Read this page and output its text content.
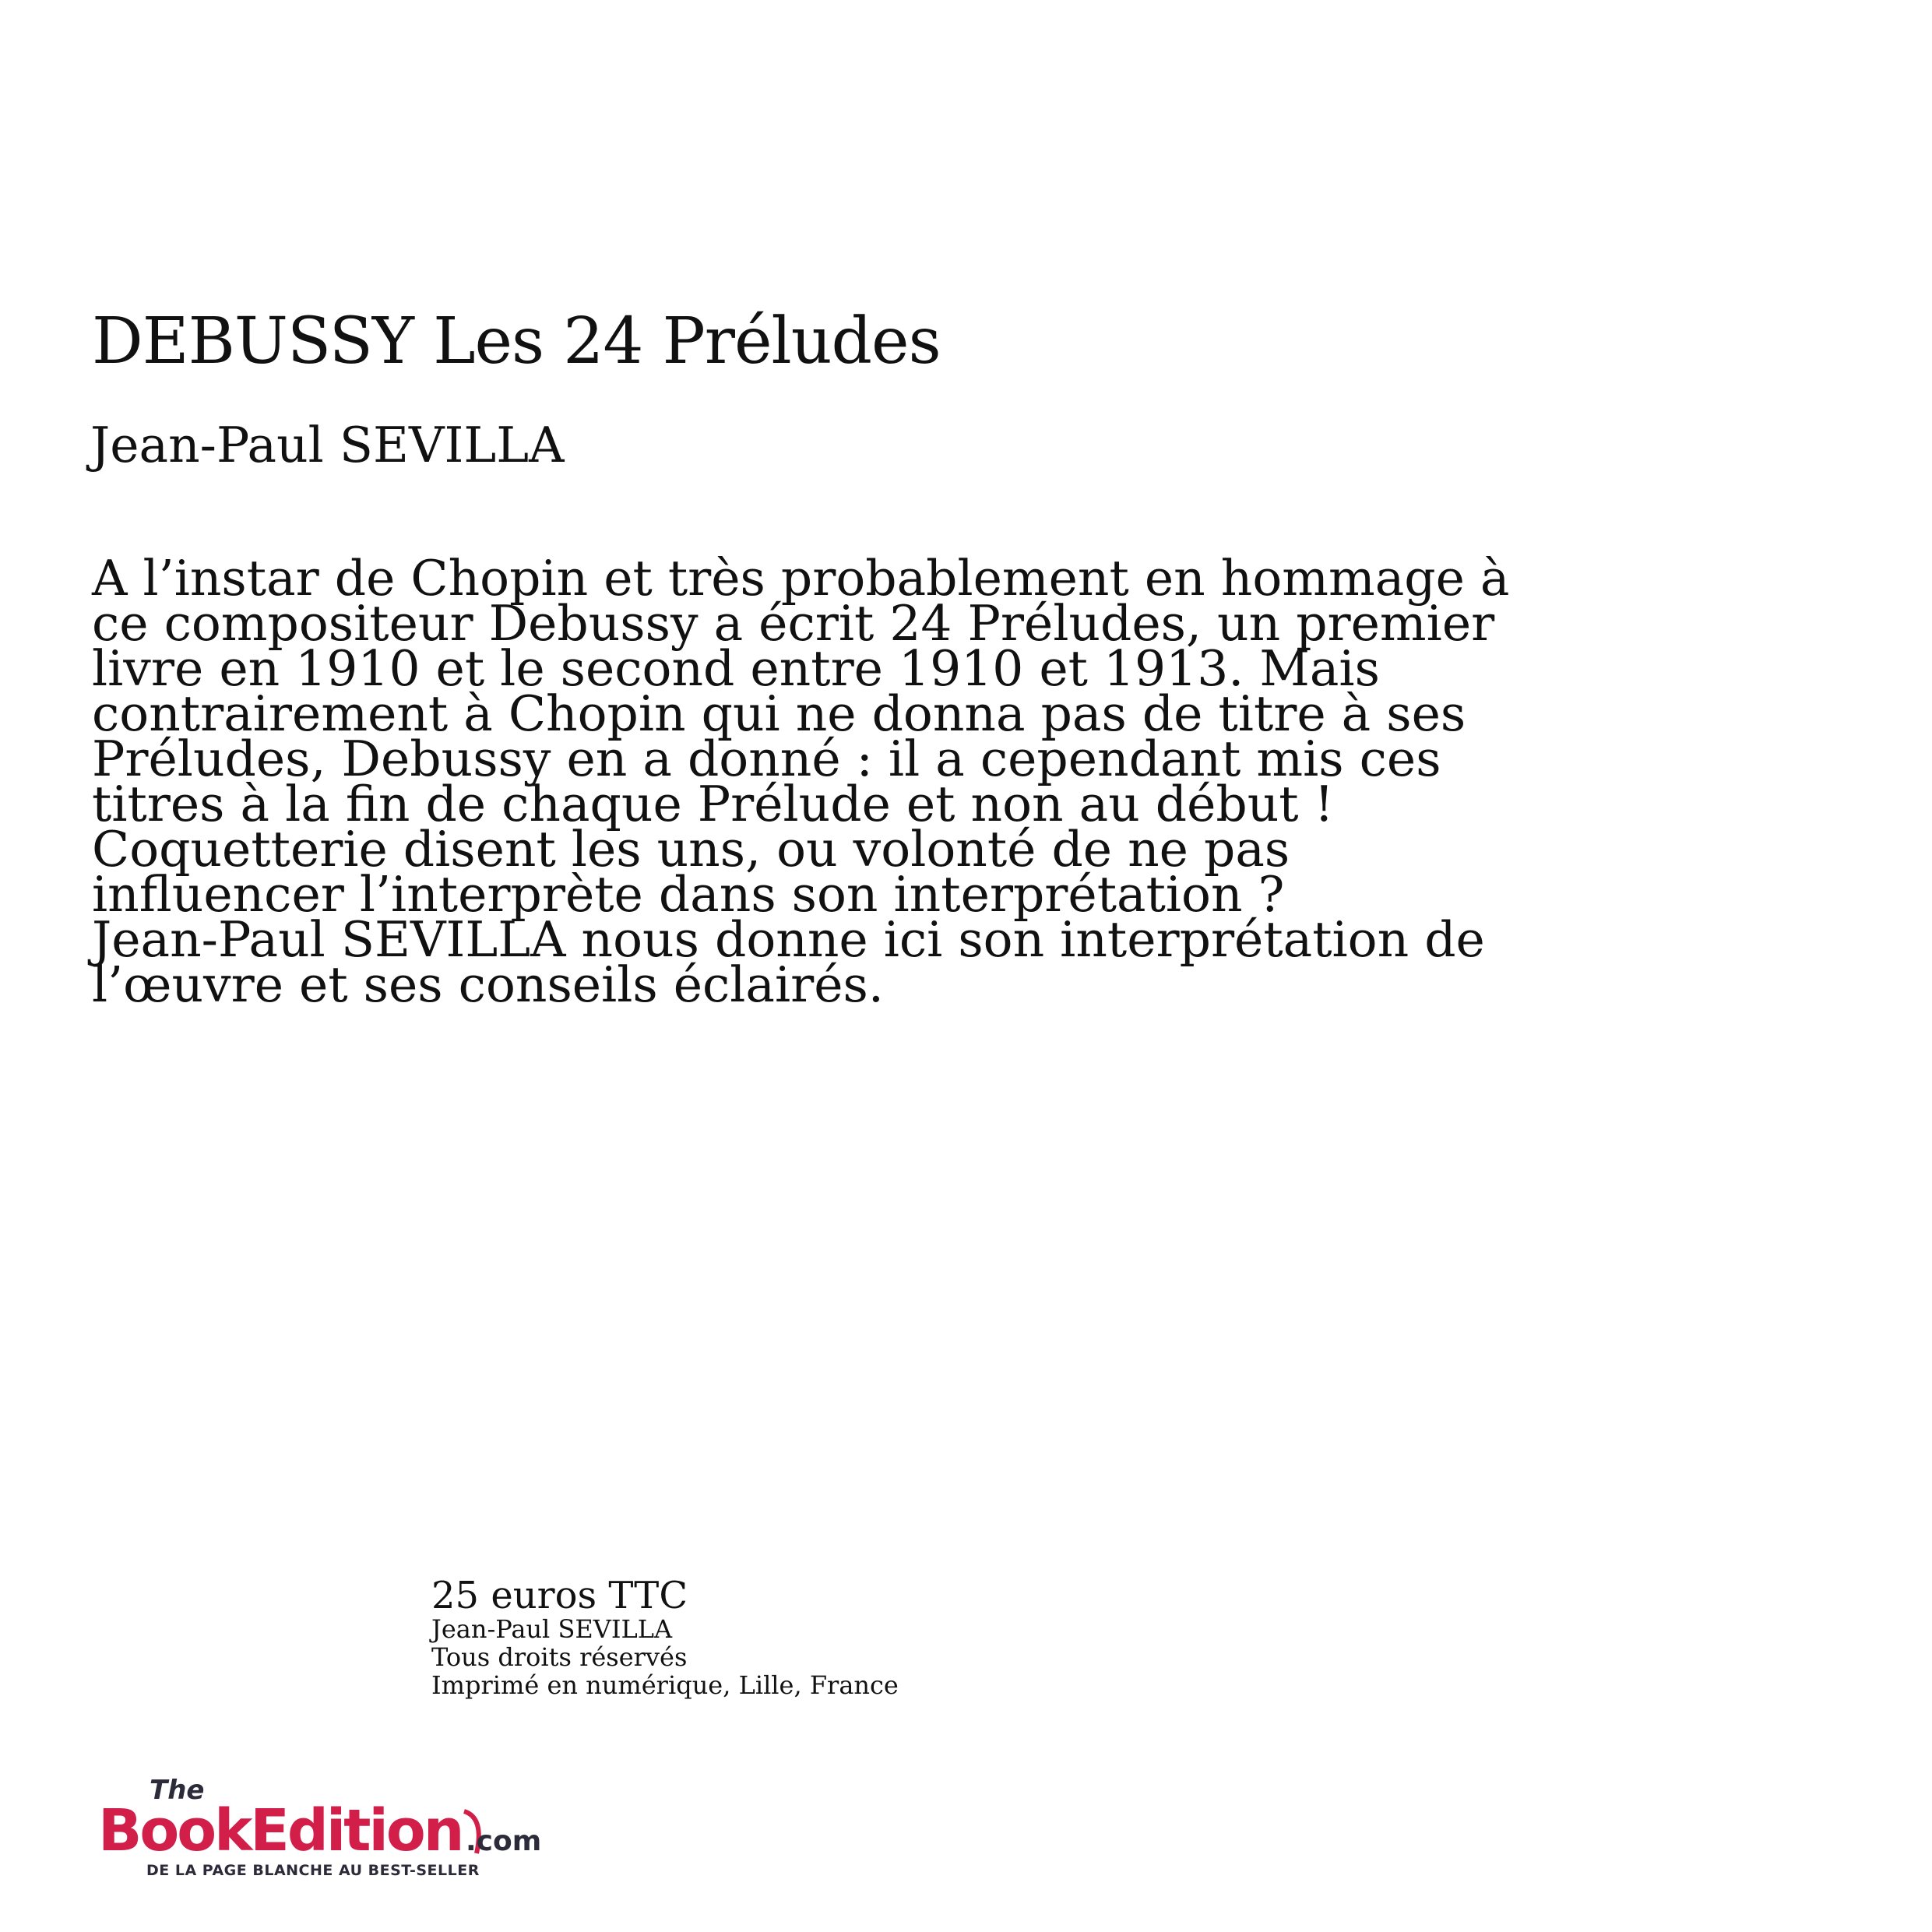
DEBUSSY Les 24 Préludes
Jean-Paul SEVILLA

A l’instar de Chopin et très probablement en hommage à
ce compositeur Debussy a écrit 24 Préludes, un premier
livre en 1910 et le second entre 1910 et 1913. Mais
contrairement à Chopin qui ne donna pas de titre à ses
Préludes, Debussy en a donné : il a cependant mis ces
titres à la fin de chaque Prélude et non au début !
Coquetterie disent les uns, ou volonté de ne pas
influencer l’interprète dans son interprétation ?
Jean-Paul SEVILLA nous donne ici son interprétation de
l’œuvre et ses conseils éclairés.

25 euros TTC
Jean-Paul SEVILLA
Tous droits réservés
Imprimé en numérique, Lille, France
The
BookEdition .com
DE LA PAGE BLANCHE AU BEST-SELLER
